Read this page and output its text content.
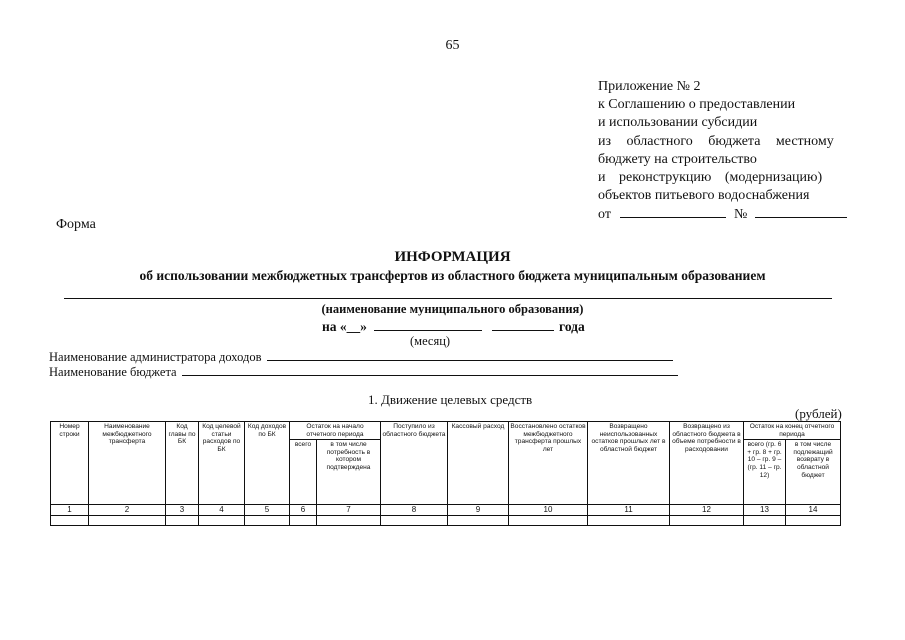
65
Приложение № 2
к Соглашению о предоставлении
и использовании субсидии
из областного бюджета местному
бюджету на строительство
и реконструкцию (модернизацию)
объектов питьевого водоснабжения
от	№
Форма
ИНФОРМАЦИЯ
об использовании межбюджетных трансфертов из областного бюджета муниципальным образованием
(наименование муниципального образования)
на «__»	года
(месяц)
Наименование администратора доходов
Наименование бюджета
1. Движение целевых средств
(рублей)
Номер строки	Наименование межбюджетного трансферта	Код главы по БК	Код целевой статьи расходов по БК	Код доходов по БК	Остаток на начало отчетного периода		Поступило из областного бюджета	Кассовый расход	Восстановлено остатков межбюджетного трансферта прошлых лет	Возвращено неиспользованных остатков прошлых лет в областной бюджет	Возвращено из областного бюджета в объеме потребности в расходовании	Остаток на конец отчетного периода	
					всего	в том числе потребность в котором подтверждена						всего (гр. 6 + гр. 8 + гр. 10 – гр. 9 – (гр. 11 – гр. 12)	в том числе подлежащий возврату в областной бюджет
1	2	3	4	5	6	7	8	9	10	11	12	13	14
